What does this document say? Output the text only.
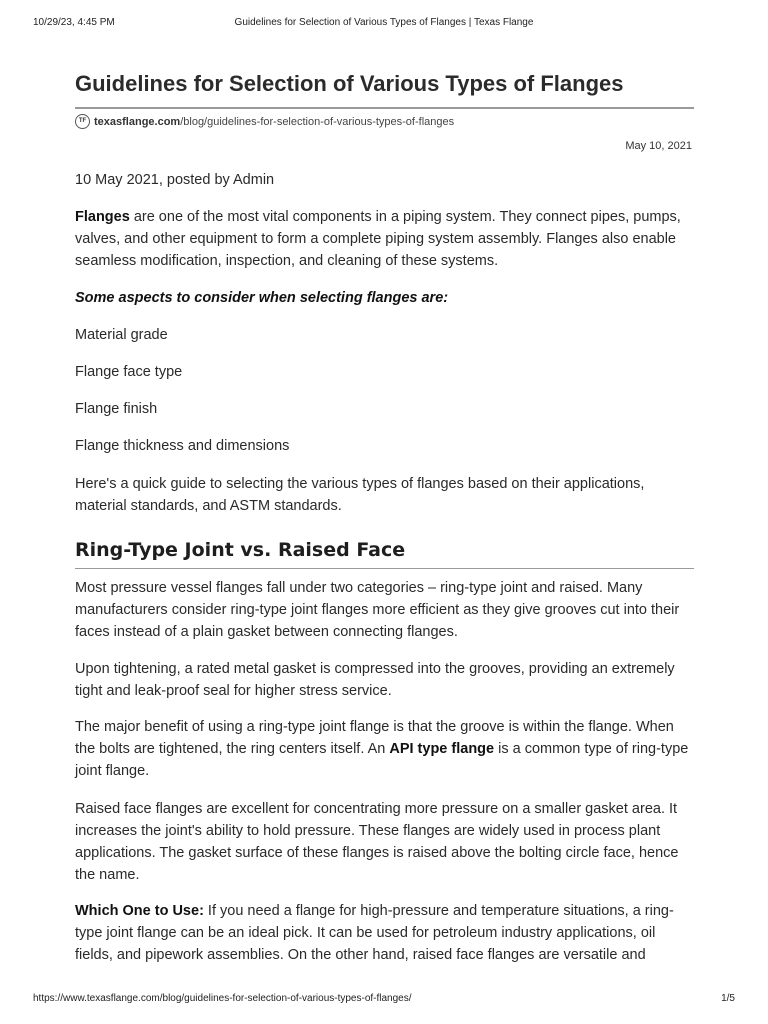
10/29/23, 4:45 PM	Guidelines for Selection of Various Types of Flanges | Texas Flange
Guidelines for Selection of Various Types of Flanges
TF texasflange.com/blog/guidelines-for-selection-of-various-types-of-flanges
May 10, 2021

10 May 2021, posted by Admin

Flanges are one of the most vital components in a piping system. They connect pipes, pumps, valves, and other equipment to form a complete piping system assembly. Flanges also enable seamless modification, inspection, and cleaning of these systems.

Some aspects to consider when selecting flanges are:

Material grade

Flange face type

Flange finish

Flange thickness and dimensions

Here's a quick guide to selecting the various types of flanges based on their applications, material standards, and ASTM standards.

Ring-Type Joint vs. Raised Face

Most pressure vessel flanges fall under two categories – ring-type joint and raised. Many manufacturers consider ring-type joint flanges more efficient as they give grooves cut into their faces instead of a plain gasket between connecting flanges.

Upon tightening, a rated metal gasket is compressed into the grooves, providing an extremely tight and leak-proof seal for higher stress service.

The major benefit of using a ring-type joint flange is that the groove is within the flange. When the bolts are tightened, the ring centers itself. An API type flange is a common type of ring-type joint flange.

Raised face flanges are excellent for concentrating more pressure on a smaller gasket area. It increases the joint's ability to hold pressure. These flanges are widely used in process plant applications. The gasket surface of these flanges is raised above the bolting circle face, hence the name.

Which One to Use: If you need a flange for high-pressure and temperature situations, a ring-type joint flange can be an ideal pick. It can be used for petroleum industry applications, oil fields, and pipework assemblies. On the other hand, raised face flanges are versatile and

https://www.texasflange.com/blog/guidelines-for-selection-of-various-types-of-flanges/	1/5
